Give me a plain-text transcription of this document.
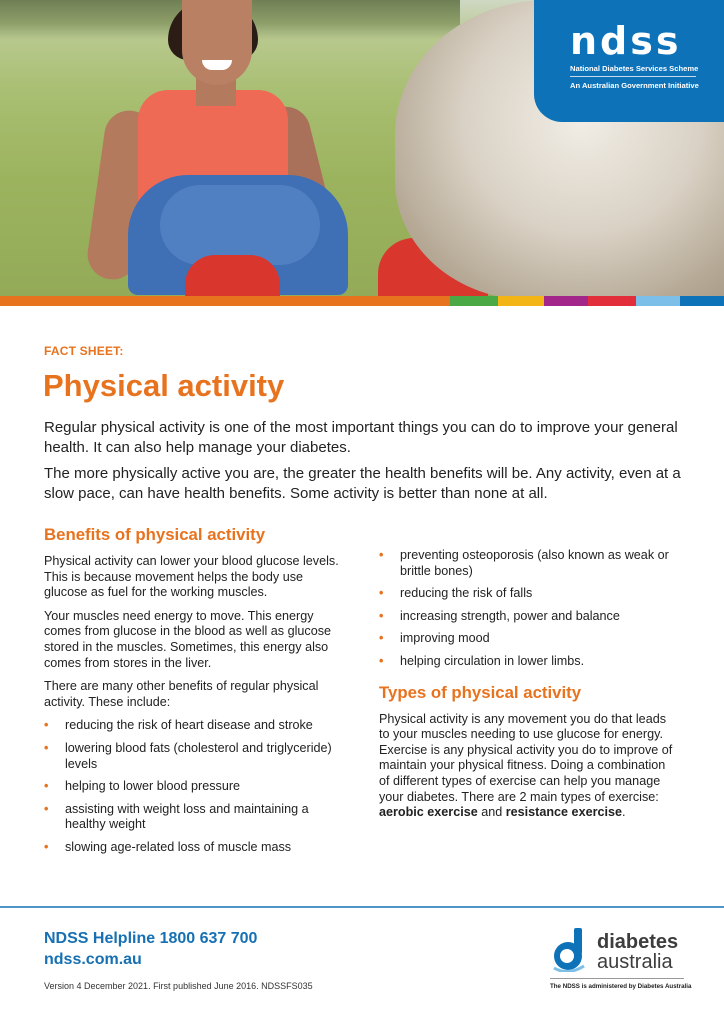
ndss
National Diabetes Services Scheme
An Australian Government Initiative
FACT SHEET:
Physical activity

Regular physical activity is one of the most important things you can do to improve your general health. It can also help manage your diabetes.

The more physically active you are, the greater the health benefits will be. Any activity, even at a slow pace, can have health benefits. Some activity is better than none at all.

Benefits of physical activity

Physical activity can lower your blood glucose levels. This is because movement helps the body use glucose as fuel for the working muscles.

Your muscles need energy to move. This energy comes from glucose in the blood as well as glucose stored in the muscles. Sometimes, this energy also comes from stores in the liver.

There are many other benefits of regular physical activity. These include:

• reducing the risk of heart disease and stroke
• lowering blood fats (cholesterol and triglyceride) levels
• helping to lower blood pressure
• assisting with weight loss and maintaining a healthy weight
• slowing age-related loss of muscle mass
• preventing osteoporosis (also known as weak or brittle bones)
• reducing the risk of falls
• increasing strength, power and balance
• improving mood
• helping circulation in lower limbs.
Types of physical activity

Physical activity is any movement you do that leads to your muscles needing to use glucose for energy. Exercise is any physical activity you do to improve of maintain your physical fitness. Doing a combination of different types of exercise can help you manage your diabetes. There are 2 main types of exercise: aerobic exercise and resistance exercise.

NDSS Helpline 1800 637 700
ndss.com.au
Version 4 December 2021. First published June 2016. NDSSFS035
diabetes
australia
The NDSS is administered by Diabetes Australia
